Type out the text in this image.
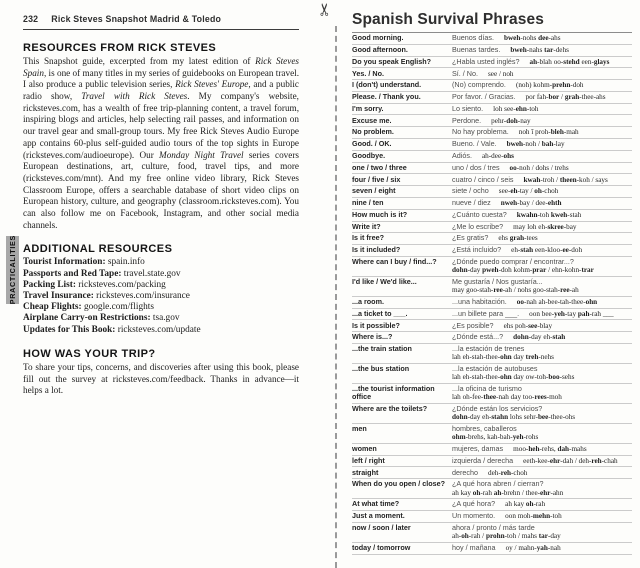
PRACTICALITIES
232 Rick Steves Snapshot Madrid & Toledo
RESOURCES FROM RICK STEVES

This Snapshot guide, excerpted from my latest edition of Rick Steves Spain, is one of many titles in my series of guidebooks on European travel. I also produce a public television series, Rick Steves' Europe, and a public radio show, Travel with Rick Steves. My company's website, ricksteves.com, has a wealth of free trip-planning content, a travel forum, inspiring blogs and articles, help selecting rail passes, and information on our travel gear and small-group tours. My free Rick Steves Audio Europe app contains 60-plus self-guided audio tours of the top sights in Europe (ricksteves.com/audioeurope). Our Monday Night Travel series covers European destinations, art, culture, food, travel tips, and more (ricksteves.com/mnt). And my free online video library, Rick Steves Classroom Europe, offers a searchable database of short video clips on European history, culture, and geography (classroom.ricksteves.com). You can also follow me on Facebook, Instagram, and other social media channels.

ADDITIONAL RESOURCES
Tourist Information: spain.info
Passports and Red Tape: travel.state.gov
Packing List: ricksteves.com/packing
Travel Insurance: ricksteves.com/insurance
Cheap Flights: google.com/flights
Airplane Carry-on Restrictions: tsa.gov
Updates for This Book: ricksteves.com/update
HOW WAS YOUR TRIP?

To share your tips, concerns, and discoveries after using this book, please fill out the survey at ricksteves.com/feedback. Thanks in advance—it helps a lot.

✂
Spanish Survival Phrases
Good morning.	Buenos días. bweh-nohs dee-ahs
Good afternoon.	Buenas tardes. bweh-nahs tar-dehs
Do you speak English?	¿Habla usted inglés? ah-blah oo-stehd een-glays
Yes. / No.	Sí. / No. see / noh
I (don't) understand.	(No) comprendo. (noh) kohm-prehn-doh
Please. / Thank you.	Por favor. / Gracias. por fah-bor / grah-thee-ahs
I'm sorry.	Lo siento. loh see-ehn-toh
Excuse me.	Perdone. pehr-doh-nay
No problem.	No hay problema. noh ī proh-bleh-mah
Good. / OK.	Bueno. / Vale. bweh-noh / bah-lay
Goodbye.	Adiós. ah-dee-ohs
one / two / three	uno / dos / tres oo-noh / dohs / trehs
four / five / six	cuatro / cinco / seis kwah-troh / theen-koh / says
seven / eight	siete / ocho see-eh-tay / oh-choh
nine / ten	nueve / diez nweh-bay / dee-ehth
How much is it?	¿Cuánto cuesta? kwahn-toh kweh-stah
Write it?	¿Me lo escribe? may loh eh-skree-bay
Is it free?	¿Es gratis? ehs grah-tees
Is it included?	¿Está incluido? eh-stah een-kloo-ee-doh
Where can I buy / find...?	¿Dónde puedo comprar / encontrar...?
dohn-day pweh-doh kohm-prar / ehn-kohn-trar

I'd like / We'd like...	Me gustaría / Nos gustaría...
may goo-stah-ree-ah / nohs goo-stah-ree-ah

...a room.	...una habitación. oo-nah ah-bee-tah-thee-ohn
...a ticket to ___.	...un billete para ___. oon bee-yeh-tay pah-rah ___
Is it possible?	¿Es posible? ehs poh-see-blay
Where is...?	¿Dónde está...? dohn-day eh-stah
...the train station	...la estación de trenes
lah eh-stah-thee-ohn day treh-nehs

...the bus station	...la estación de autobuses
lah eh-stah-thee-ohn day ow-toh-boo-sehs

...the tourist information office	...la oficina de turismo
lah oh-fee-thee-nah day too-rees-moh

Where are the toilets?	¿Dónde están los servicios?
dohn-day eh-stahn lohs sehr-bee-thee-ohs

men	hombres, caballeros
ohm-brehs, kah-bah-yeh-rohs

women	mujeres, damas moo-heh-rehs, dah-mahs
left / right	izquierda / derecha eeth-kee-ehr-dah / deh-reh-chah
straight	derecho deh-reh-choh
When do you open / close?	¿A qué hora abren / cierran?
ah kay oh-rah ah-brehn / thee-ehr-ahn

At what time?	¿A qué hora? ah kay oh-rah
Just a moment.	Un momento. oon moh-mehn-toh
now / soon / later	ahora / pronto / más tarde
ah-oh-rah / prohn-toh / mahs tar-day

today / tomorrow	hoy / mañana oy / mahn-yah-nah
